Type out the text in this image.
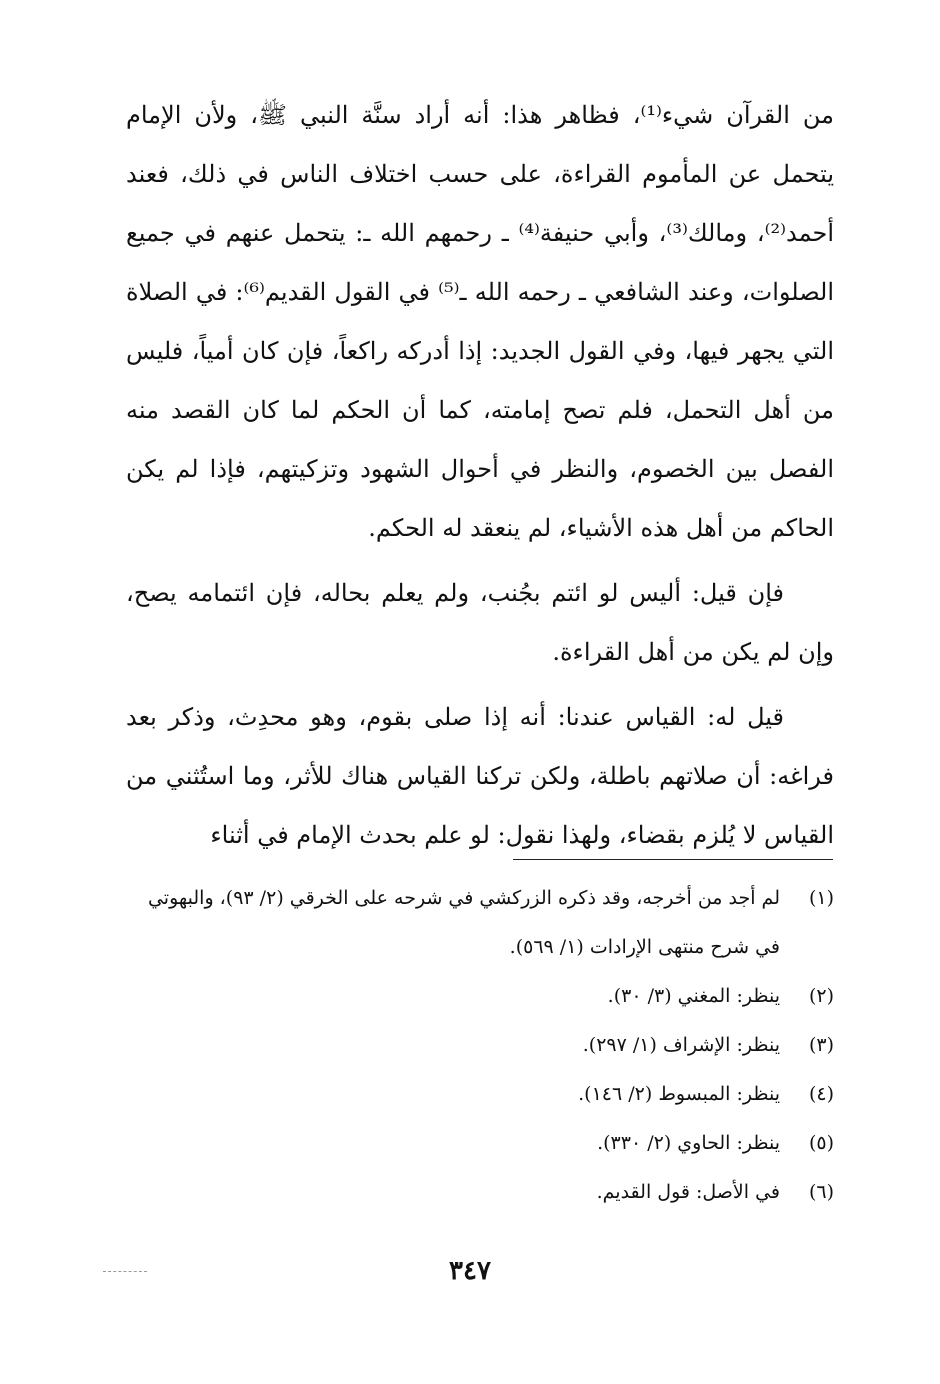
من القرآن شيء⁽¹⁾، فظاهر هذا: أنه أراد سنَّة النبي ﷺ، ولأن الإمام يتحمل عن المأموم القراءة، على حسب اختلاف الناس في ذلك، فعند أحمد⁽²⁾، ومالك⁽³⁾، وأبي حنيفة⁽⁴⁾ ـ رحمهم الله ـ: يتحمل عنهم في جميع الصلوات، وعند الشافعي ـ رحمه الله ـ⁽⁵⁾ في القول القديم⁽⁶⁾: في الصلاة التي يجهر فيها، وفي القول الجديد: إذا أدركه راكعاً، فإن كان أمياً، فليس من أهل التحمل، فلم تصح إمامته، كما أن الحكم لما كان القصد منه الفصل بين الخصوم، والنظر في أحوال الشهود وتزكيتهم، فإذا لم يكن الحاكم من أهل هذه الأشياء، لم ينعقد له الحكم.

فإن قيل: أليس لو ائتم بجُنب، ولم يعلم بحاله، فإن ائتمامه يصح، وإن لم يكن من أهل القراءة.

قيل له: القياس عندنا: أنه إذا صلى بقوم، وهو محدِث، وذكر بعد فراغه: أن صلاتهم باطلة، ولكن تركنا القياس هناك للأثر، وما استُثني من القياس لا يُلزم بقضاء، ولهذا نقول: لو علم بحدث الإمام في أثناء

(١)
لم أجد من أخرجه، وقد ذكره الزركشي في شرحه على الخرقي (٢/ ٩٣)، والبهوتي في شرح منتهى الإرادات (١/ ٥٦٩).
(٢)
ينظر: المغني (٣/ ٣٠).
(٣)
ينظر: الإشراف (١/ ٢٩٧).
(٤)
ينظر: المبسوط (٢/ ١٤٦).
(٥)
ينظر: الحاوي (٢/ ٣٣٠).
(٦)
في الأصل: قول القديم.
٣٤٧
